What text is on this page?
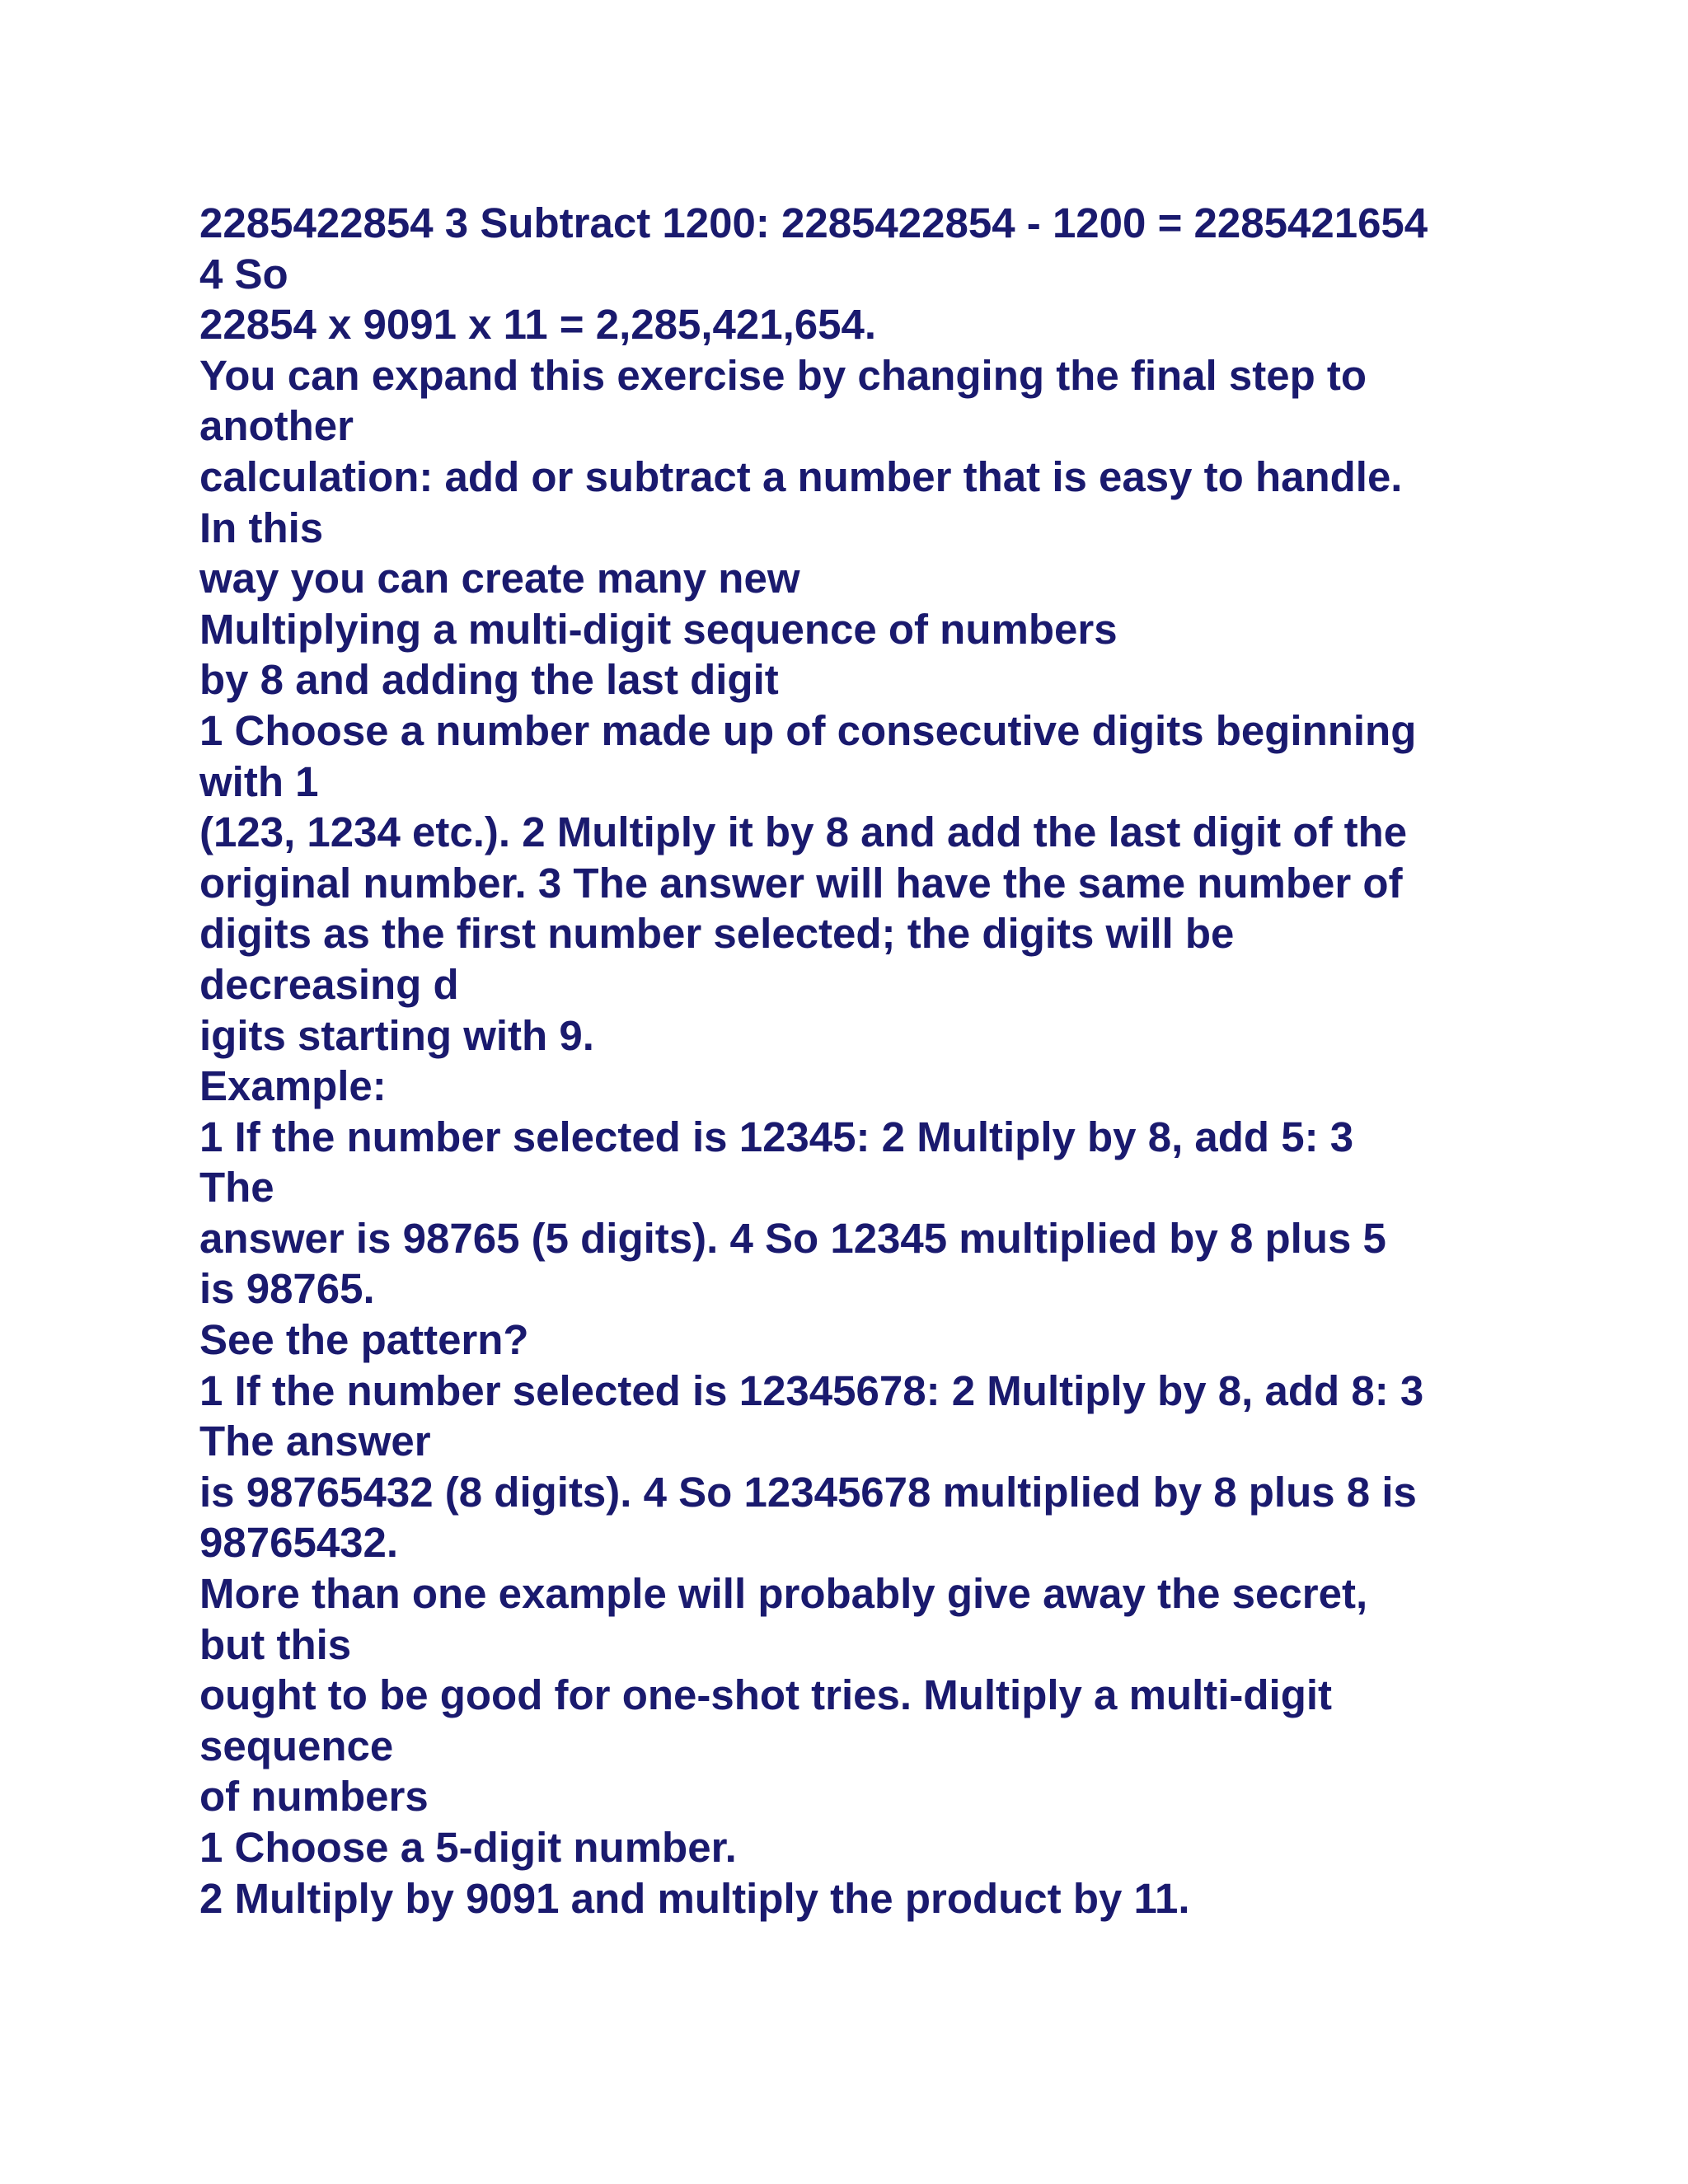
2285422854 3 Subtract 1200: 2285422854 - 1200 = 2285421654

4 So

22854 x 9091 x 11 = 2,285,421,654.

You can expand this exercise by changing the final step to

another

calculation: add or subtract a number that is easy to handle.

In this

way you can create many new

Multiplying a multi-digit sequence of numbers

by 8 and adding the last digit

1 Choose a number made up of consecutive digits beginning

with 1

(123, 1234 etc.). 2 Multiply it by 8 and add the last digit of the

original number. 3 The answer will have the same number of

digits as the first number selected; the digits will be

decreasing d

igits starting with 9.

Example:

1 If the number selected is 12345: 2 Multiply by 8, add 5: 3

The

answer is 98765 (5 digits). 4 So 12345 multiplied by 8 plus 5

is 98765.

See the pattern?

1 If the number selected is 12345678: 2 Multiply by 8, add 8: 3

The answer

is 98765432 (8 digits). 4 So 12345678 multiplied by 8 plus 8 is

98765432.

More than one example will probably give away the secret,

but this

ought to be good for one-shot tries. Multiply a multi-digit

sequence

of numbers

1 Choose a 5-digit number.

2 Multiply by 9091 and multiply the product by 11.
